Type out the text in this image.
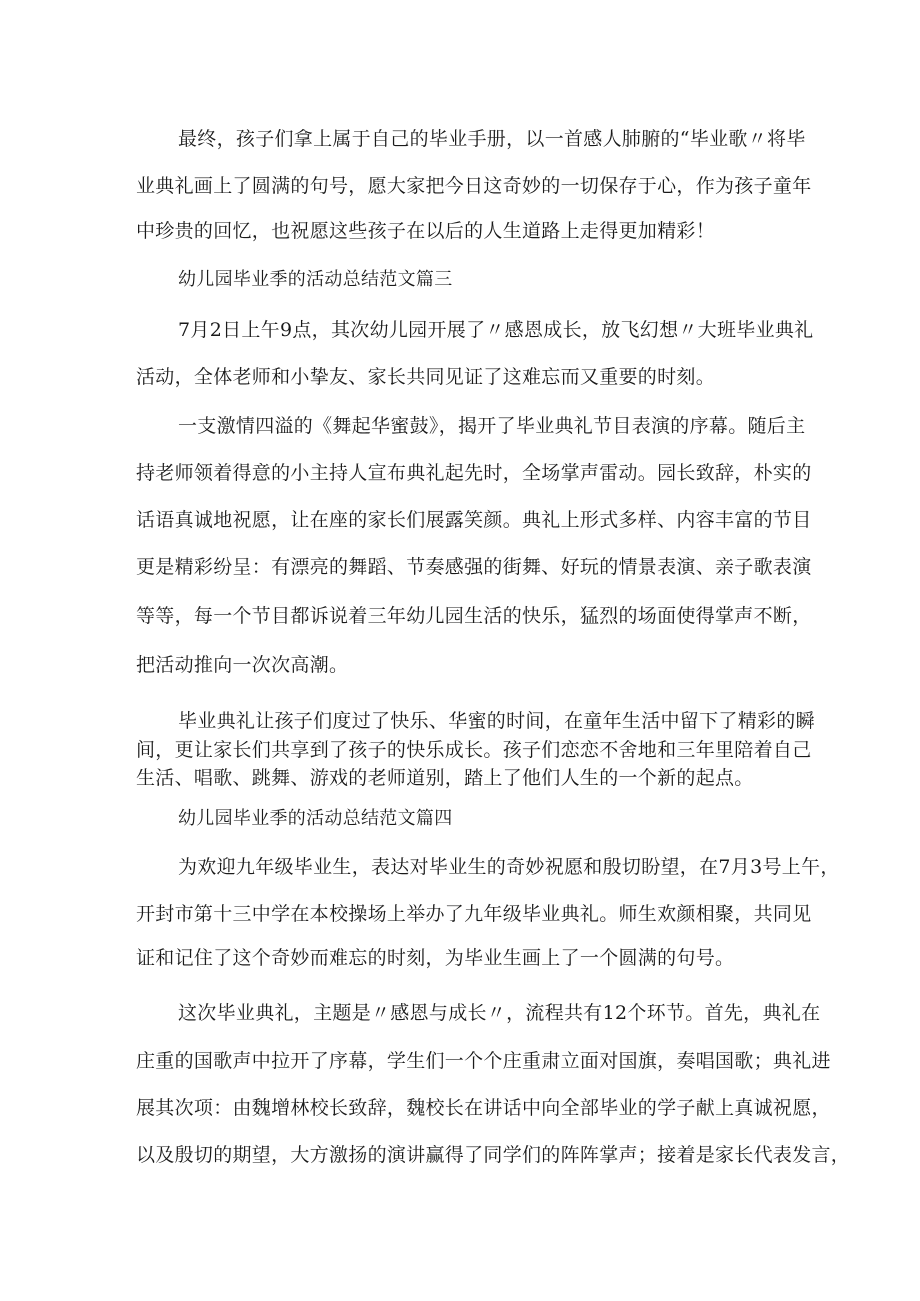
最终，孩子们拿上属于自己的毕业手册，以一首感人肺腑的“毕业歌〃将毕
业典礼画上了圆满的句号，愿大家把今日这奇妙的一切保存于心，作为孩子童年
中珍贵的回忆，也祝愿这些孩子在以后的人生道路上走得更加精彩！
幼儿园毕业季的活动总结范文篇三
7月2日上午9点，其次幼儿园开展了〃感恩成长，放飞幻想〃大班毕业典礼
活动，全体老师和小挚友、家长共同见证了这难忘而又重要的时刻。
一支激情四溢的《舞起华蜜鼓》，揭开了毕业典礼节目表演的序幕。随后主
持老师领着得意的小主持人宣布典礼起先时，全场掌声雷动。园长致辞，朴实的
话语真诚地祝愿，让在座的家长们展露笑颜。典礼上形式多样、内容丰富的节目
更是精彩纷呈：有漂亮的舞蹈、节奏感强的街舞、好玩的情景表演、亲子歌表演
等等，每一个节目都诉说着三年幼儿园生活的快乐，猛烈的场面使得掌声不断，
把活动推向一次次高潮。
毕业典礼让孩子们度过了快乐、华蜜的时间，在童年生活中留下了精彩的瞬
间，更让家长们共享到了孩子的快乐成长。孩子们恋恋不舍地和三年里陪着自己
生活、唱歌、跳舞、游戏的老师道别，踏上了他们人生的一个新的起点。
幼儿园毕业季的活动总结范文篇四
为欢迎九年级毕业生，表达对毕业生的奇妙祝愿和殷切盼望，在7月3号上午，
开封市第十三中学在本校操场上举办了九年级毕业典礼。师生欢颜相聚，共同见
证和记住了这个奇妙而难忘的时刻，为毕业生画上了一个圆满的句号。
这次毕业典礼，主题是〃感恩与成长〃，流程共有12个环节。首先，典礼在
庄重的国歌声中拉开了序幕，学生们一个个庄重肃立面对国旗，奏唱国歌；典礼进
展其次项：由魏增林校长致辞，魏校长在讲话中向全部毕业的学子献上真诚祝愿，
以及殷切的期望，大方激扬的演讲赢得了同学们的阵阵掌声；接着是家长代表发言，
